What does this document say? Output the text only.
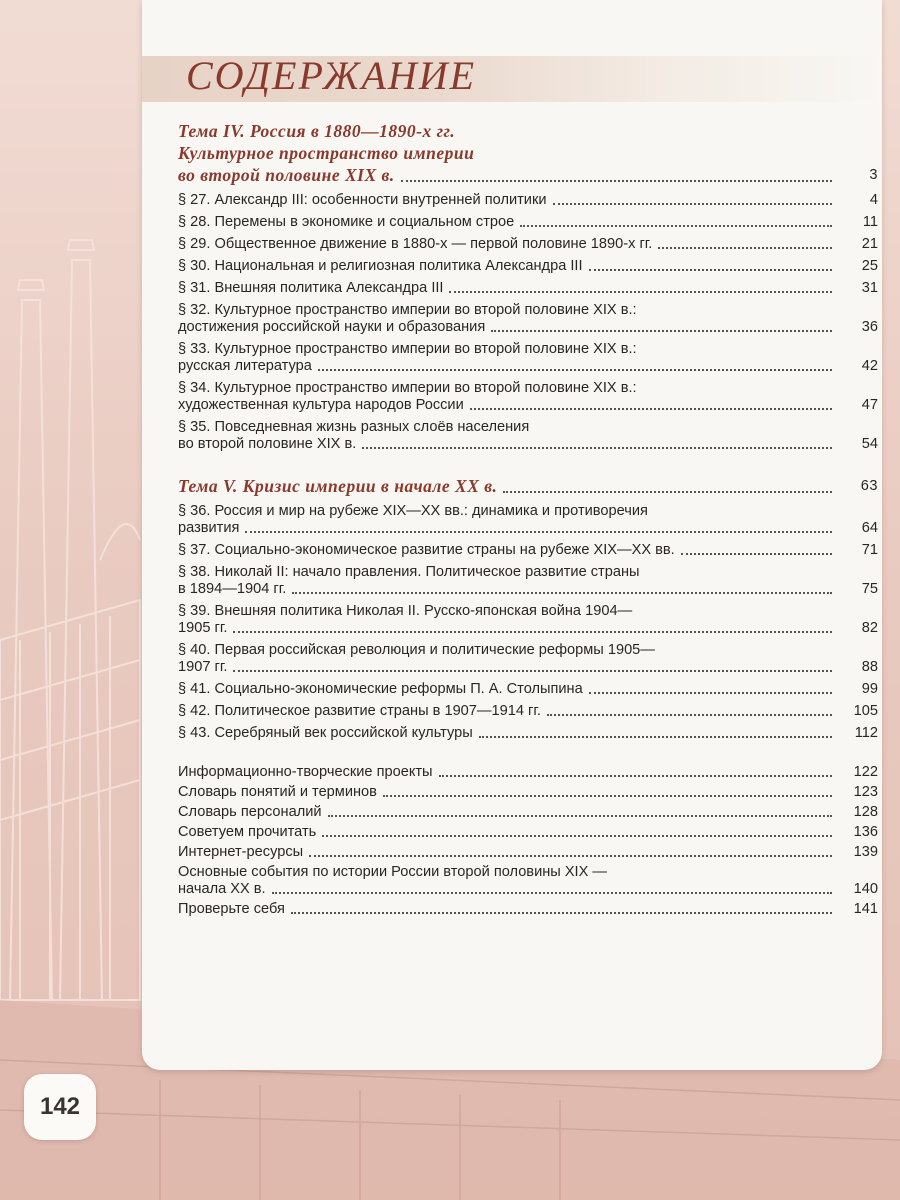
СОДЕРЖАНИЕ
Тема IV. Россия в 1880—1890-х гг.
Культурное пространство империи
во второй половине XIX в.	3
§ 27. Александр III: особенности внутренней политики	4
§ 28. Перемены в экономике и социальном строе	11
§ 29. Общественное движение в 1880-х — первой половине 1890-х гг.	21
§ 30. Национальная и религиозная политика Александра III	25
§ 31. Внешняя политика Александра III	31
§ 32. Культурное пространство империи во второй половине XIX в.:
достижения российской науки и образования	36
§ 33. Культурное пространство империи во второй половине XIX в.:
русская литература	42
§ 34. Культурное пространство империи во второй половине XIX в.:
художественная культура народов России	47
§ 35. Повседневная жизнь разных слоёв населения
во второй половине XIX в.	54
Тема V. Кризис империи в начале XX в.	63
§ 36. Россия и мир на рубеже XIX—XX вв.: динамика и противоречия
развития	64
§ 37. Социально-экономическое развитие страны на рубеже XIX—XX вв.	71
§ 38. Николай II: начало правления. Политическое развитие страны
в 1894—1904 гг.	75
§ 39. Внешняя политика Николая II. Русско-японская война 1904—
1905 гг.	82
§ 40. Первая российская революция и политические реформы 1905—
1907 гг.	88
§ 41. Социально-экономические реформы П. А. Столыпина	99
§ 42. Политическое развитие страны в 1907—1914 гг.	105
§ 43. Серебряный век российской культуры	112
Информационно-творческие проекты	122
Словарь понятий и терминов	123
Словарь персоналий	128
Советуем прочитать	136
Интернет-ресурсы	139
Основные события по истории России второй половины XIX —
начала XX в.	140
Проверьте себя	141
142
